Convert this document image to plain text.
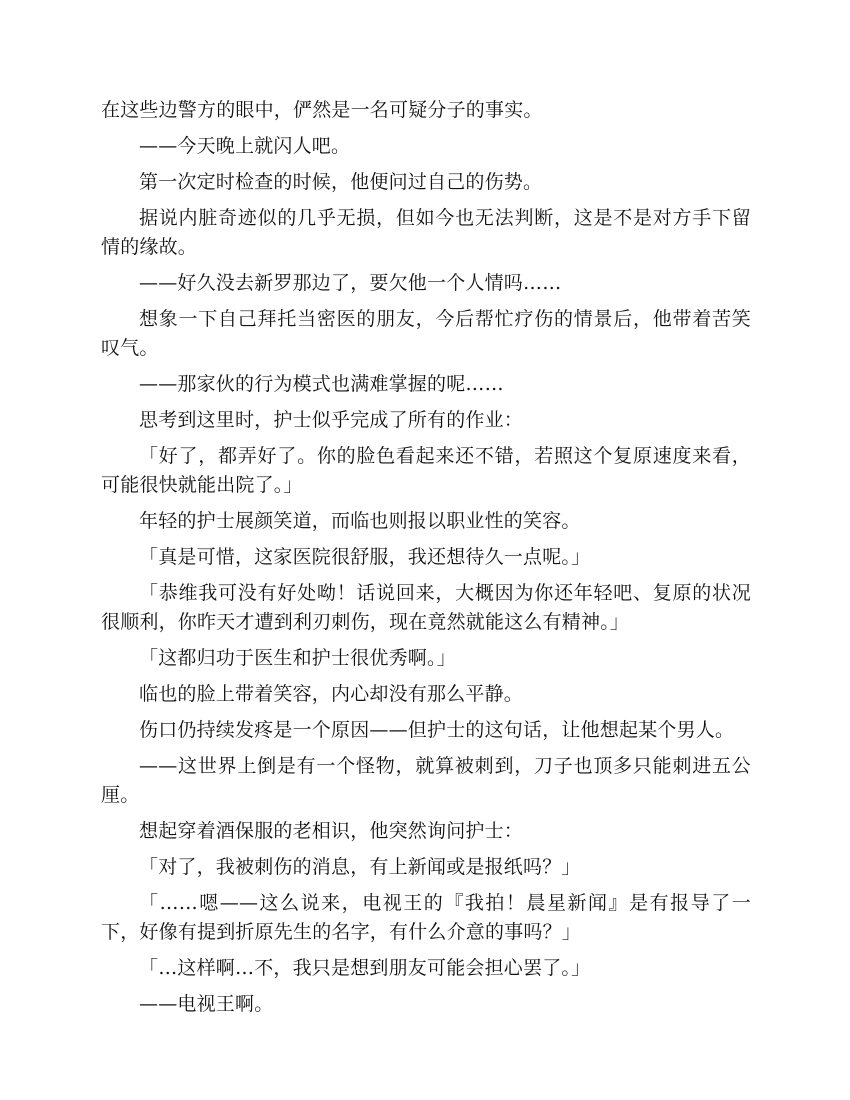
在这些边警方的眼中，俨然是一名可疑分子的事实。

——今天晚上就闪人吧。

第一次定时检查的时候，他便问过自己的伤势。

据说内脏奇迹似的几乎无损，但如今也无法判断，这是不是对方手下留情的缘故。

——好久没去新罗那边了，要欠他一个人情吗……

想象一下自己拜托当密医的朋友，今后帮忙疗伤的情景后，他带着苦笑叹气。

——那家伙的行为模式也满难掌握的呢……

思考到这里时，护士似乎完成了所有的作业：

「好了，都弄好了。你的脸色看起来还不错，若照这个复原速度来看，可能很快就能出院了。」

年轻的护士展颜笑道，而临也则报以职业性的笑容。

「真是可惜，这家医院很舒服，我还想待久一点呢。」

「恭维我可没有好处呦！话说回来，大概因为你还年轻吧、复原的状况很顺利，你昨天才遭到利刃刺伤，现在竟然就能这么有精神。」

「这都归功于医生和护士很优秀啊。」

临也的脸上带着笑容，内心却没有那么平静。

伤口仍持续发疼是一个原因——但护士的这句话，让他想起某个男人。

——这世界上倒是有一个怪物，就算被刺到，刀子也顶多只能刺进五公厘。

想起穿着酒保服的老相识，他突然询问护士：

「对了，我被刺伤的消息，有上新闻或是报纸吗？」

「……嗯——这么说来，电视王的『我拍！晨星新闻』是有报导了一下，好像有提到折原先生的名字，有什么介意的事吗？」

「…这样啊…不，我只是想到朋友可能会担心罢了。」

——电视王啊。
